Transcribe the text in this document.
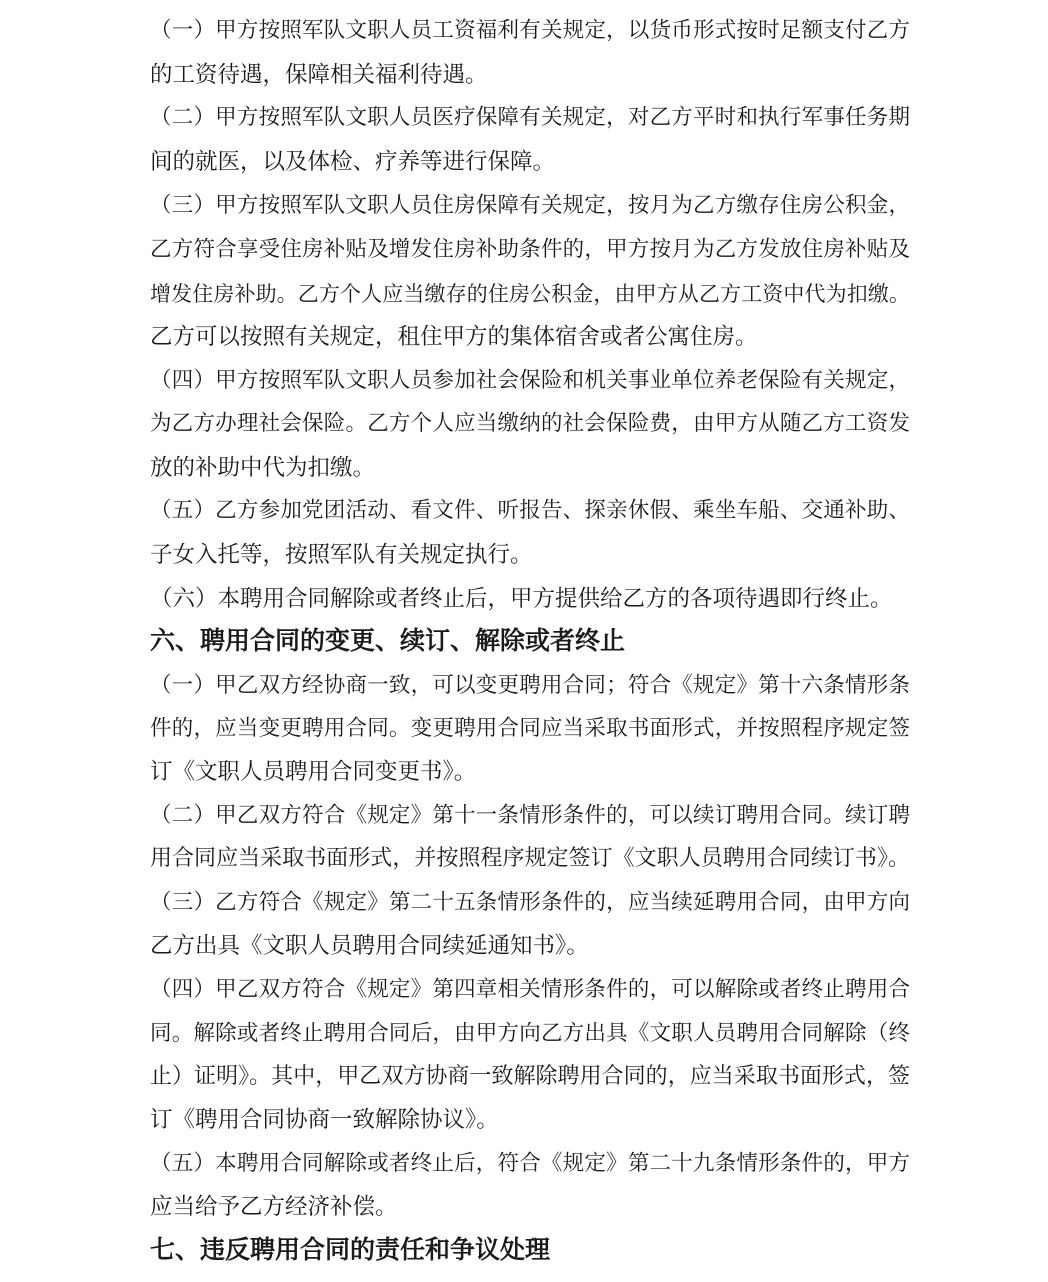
（一）甲方按照军队文职人员工资福利有关规定，以货币形式按时足额支付乙方
的工资待遇，保障相关福利待遇。
（二）甲方按照军队文职人员医疗保障有关规定，对乙方平时和执行军事任务期
间的就医，以及体检、疗养等进行保障。
（三）甲方按照军队文职人员住房保障有关规定，按月为乙方缴存住房公积金，
乙方符合享受住房补贴及增发住房补助条件的，甲方按月为乙方发放住房补贴及
增发住房补助。乙方个人应当缴存的住房公积金，由甲方从乙方工资中代为扣缴。
乙方可以按照有关规定，租住甲方的集体宿舍或者公寓住房。
（四）甲方按照军队文职人员参加社会保险和机关事业单位养老保险有关规定，
为乙方办理社会保险。乙方个人应当缴纳的社会保险费，由甲方从随乙方工资发
放的补助中代为扣缴。
（五）乙方参加党团活动、看文件、听报告、探亲休假、乘坐车船、交通补助、
子女入托等，按照军队有关规定执行。
（六）本聘用合同解除或者终止后，甲方提供给乙方的各项待遇即行终止。
六、聘用合同的变更、续订、解除或者终止
（一）甲乙双方经协商一致，可以变更聘用合同；符合《规定》第十六条情形条
件的，应当变更聘用合同。变更聘用合同应当采取书面形式，并按照程序规定签
订《文职人员聘用合同变更书》。
（二）甲乙双方符合《规定》第十一条情形条件的，可以续订聘用合同。续订聘
用合同应当采取书面形式，并按照程序规定签订《文职人员聘用合同续订书》。
（三）乙方符合《规定》第二十五条情形条件的，应当续延聘用合同，由甲方向
乙方出具《文职人员聘用合同续延通知书》。
（四）甲乙双方符合《规定》第四章相关情形条件的，可以解除或者终止聘用合
同。解除或者终止聘用合同后，由甲方向乙方出具《文职人员聘用合同解除（终
止）证明》。其中，甲乙双方协商一致解除聘用合同的，应当采取书面形式，签
订《聘用合同协商一致解除协议》。
（五）本聘用合同解除或者终止后，符合《规定》第二十九条情形条件的，甲方
应当给予乙方经济补偿。
七、违反聘用合同的责任和争议处理
